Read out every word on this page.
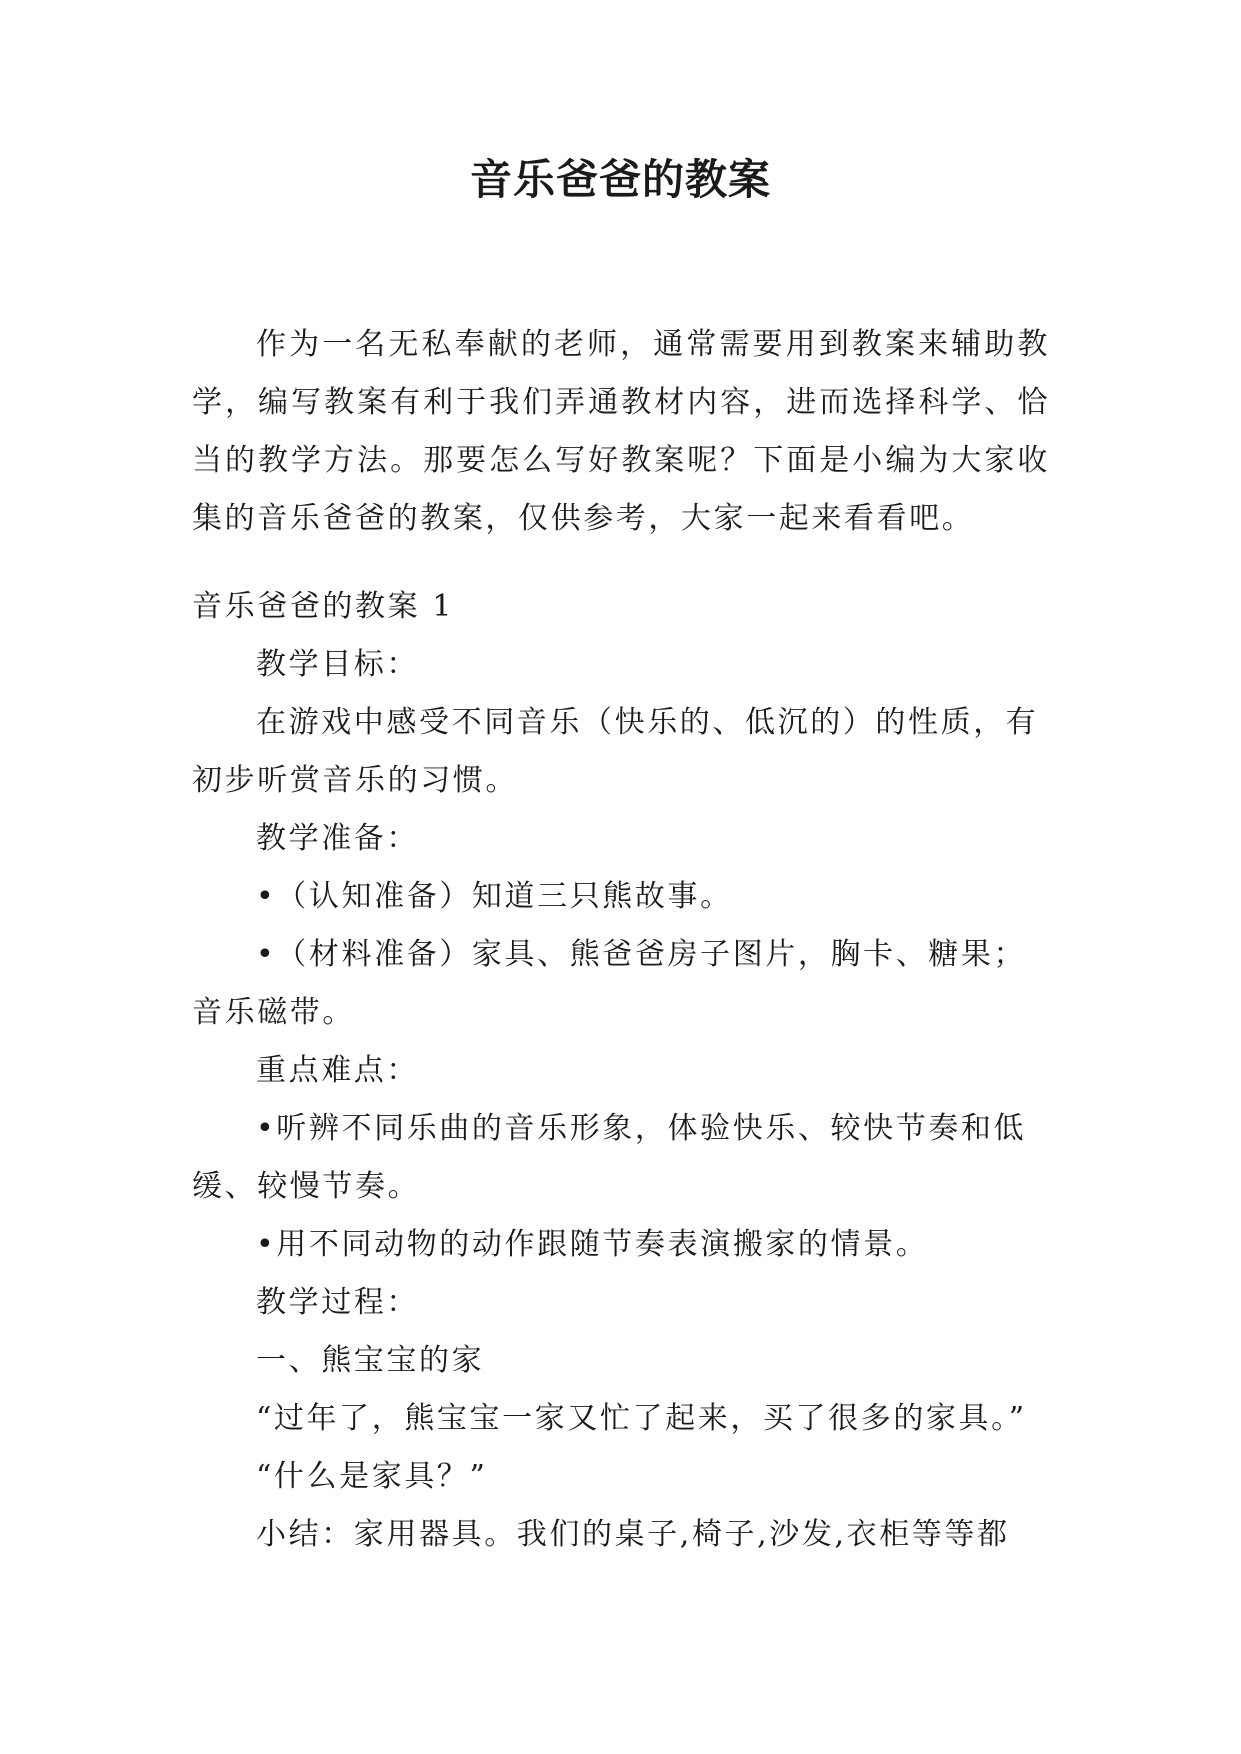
音乐爸爸的教案

作为一名无私奉献的老师，通常需要用到教案来辅助教学，编写教案有利于我们弄通教材内容，进而选择科学、恰当的教学方法。那要怎么写好教案呢？下面是小编为大家收集的音乐爸爸的教案，仅供参考，大家一起来看看吧。

音乐爸爸的教案 1

教学目标：

在游戏中感受不同音乐（快乐的、低沉的）的性质，有初步听赏音乐的习惯。

教学准备：

•（认知准备）知道三只熊故事。

•（材料准备）家具、熊爸爸房子图片，胸卡、糖果；音乐磁带。

重点难点：

•听辨不同乐曲的音乐形象，体验快乐、较快节奏和低缓、较慢节奏。

•用不同动物的动作跟随节奏表演搬家的情景。

教学过程：

一、熊宝宝的家

“过年了，熊宝宝一家又忙了起来，买了很多的家具。”

“什么是家具？”

小结：家用器具。我们的桌子,椅子,沙发,衣柜等等都
